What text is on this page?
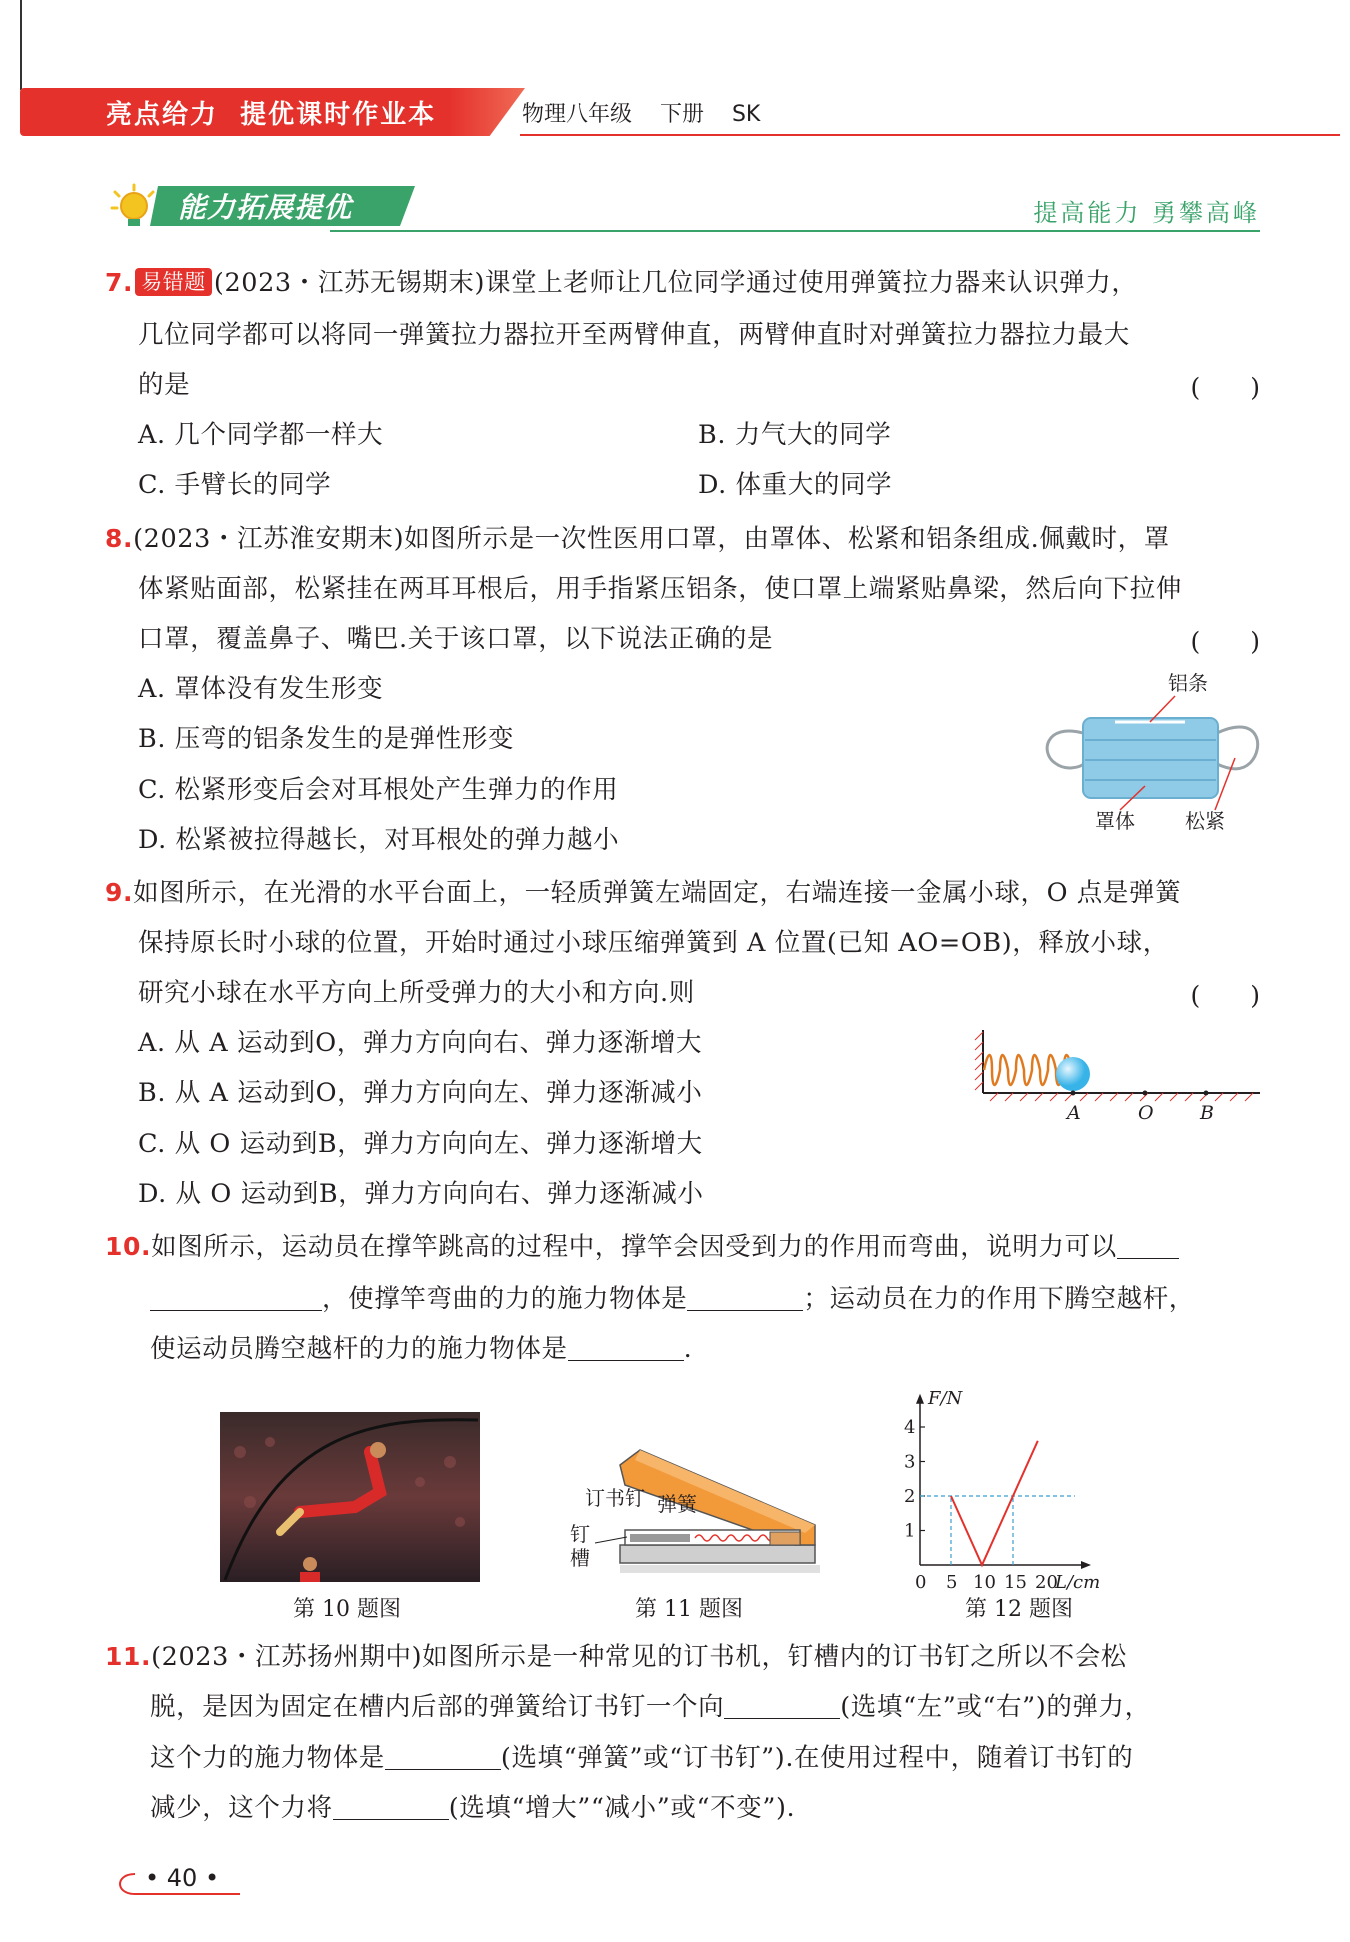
亮点给力  提优课时作业本	物理八年级    下册    SK
能力拓展提优	提高能力 勇攀高峰
7. 易错题 (2023・江苏无锡期末)课堂上老师让几位同学通过使用弹簧拉力器来认识弹力，
几位同学都可以将同一弹簧拉力器拉开至两臂伸直，两臂伸直时对弹簧拉力器拉力最大
的是	(　　)
A. 几个同学都一样大	B. 力气大的同学
C. 手臂长的同学	D. 体重大的同学
8.(2023・江苏淮安期末)如图所示是一次性医用口罩，由罩体、松紧和铝条组成.佩戴时，罩
体紧贴面部，松紧挂在两耳耳根后，用手指紧压铝条，使口罩上端紧贴鼻梁，然后向下拉伸
口罩，覆盖鼻子、嘴巴.关于该口罩，以下说法正确的是	(　　)
A. 罩体没有发生形变
B. 压弯的铝条发生的是弹性形变
C. 松紧形变后会对耳根处产生弹力的作用
D. 松紧被拉得越长，对耳根处的弹力越小
铝条
罩体	松紧
9.如图所示，在光滑的水平台面上，一轻质弹簧左端固定，右端连接一金属小球，O 点是弹簧
保持原长时小球的位置，开始时通过小球压缩弹簧到 A 位置(已知 AO=OB)，释放小球，
研究小球在水平方向上所受弹力的大小和方向.则	(　　)
A. 从 A 运动到O，弹力方向向右、弹力逐渐增大
B. 从 A 运动到O，弹力方向向左、弹力逐渐减小
C. 从 O 运动到B，弹力方向向左、弹力逐渐增大
D. 从 O 运动到B，弹力方向向右、弹力逐渐减小
A	O B
10.如图所示，运动员在撑竿跳高的过程中，撑竿会因受到力的作用而弯曲，说明力可以
，使撑竿弯曲的力的施力物体是	；运动员在力的作用下腾空越杆，
使运动员腾空越杆的力的施力物体是	.
第 10 题图
订书钉 弹簧
钉
槽
第 11 题图
F/N
L/cm
0 5 10 15 20
1
2
3
4
第 12 题图
11.(2023・江苏扬州期中)如图所示是一种常见的订书机，钉槽内的订书钉之所以不会松
脱，是因为固定在槽内后部的弹簧给订书钉一个向	(选填“左”或“右”)的弹力，
这个力的施力物体是	(选填“弹簧”或“订书钉”).在使用过程中，随着订书钉的
减少，这个力将	(选填“增大”“减小”或“不变”).
• 40 •
